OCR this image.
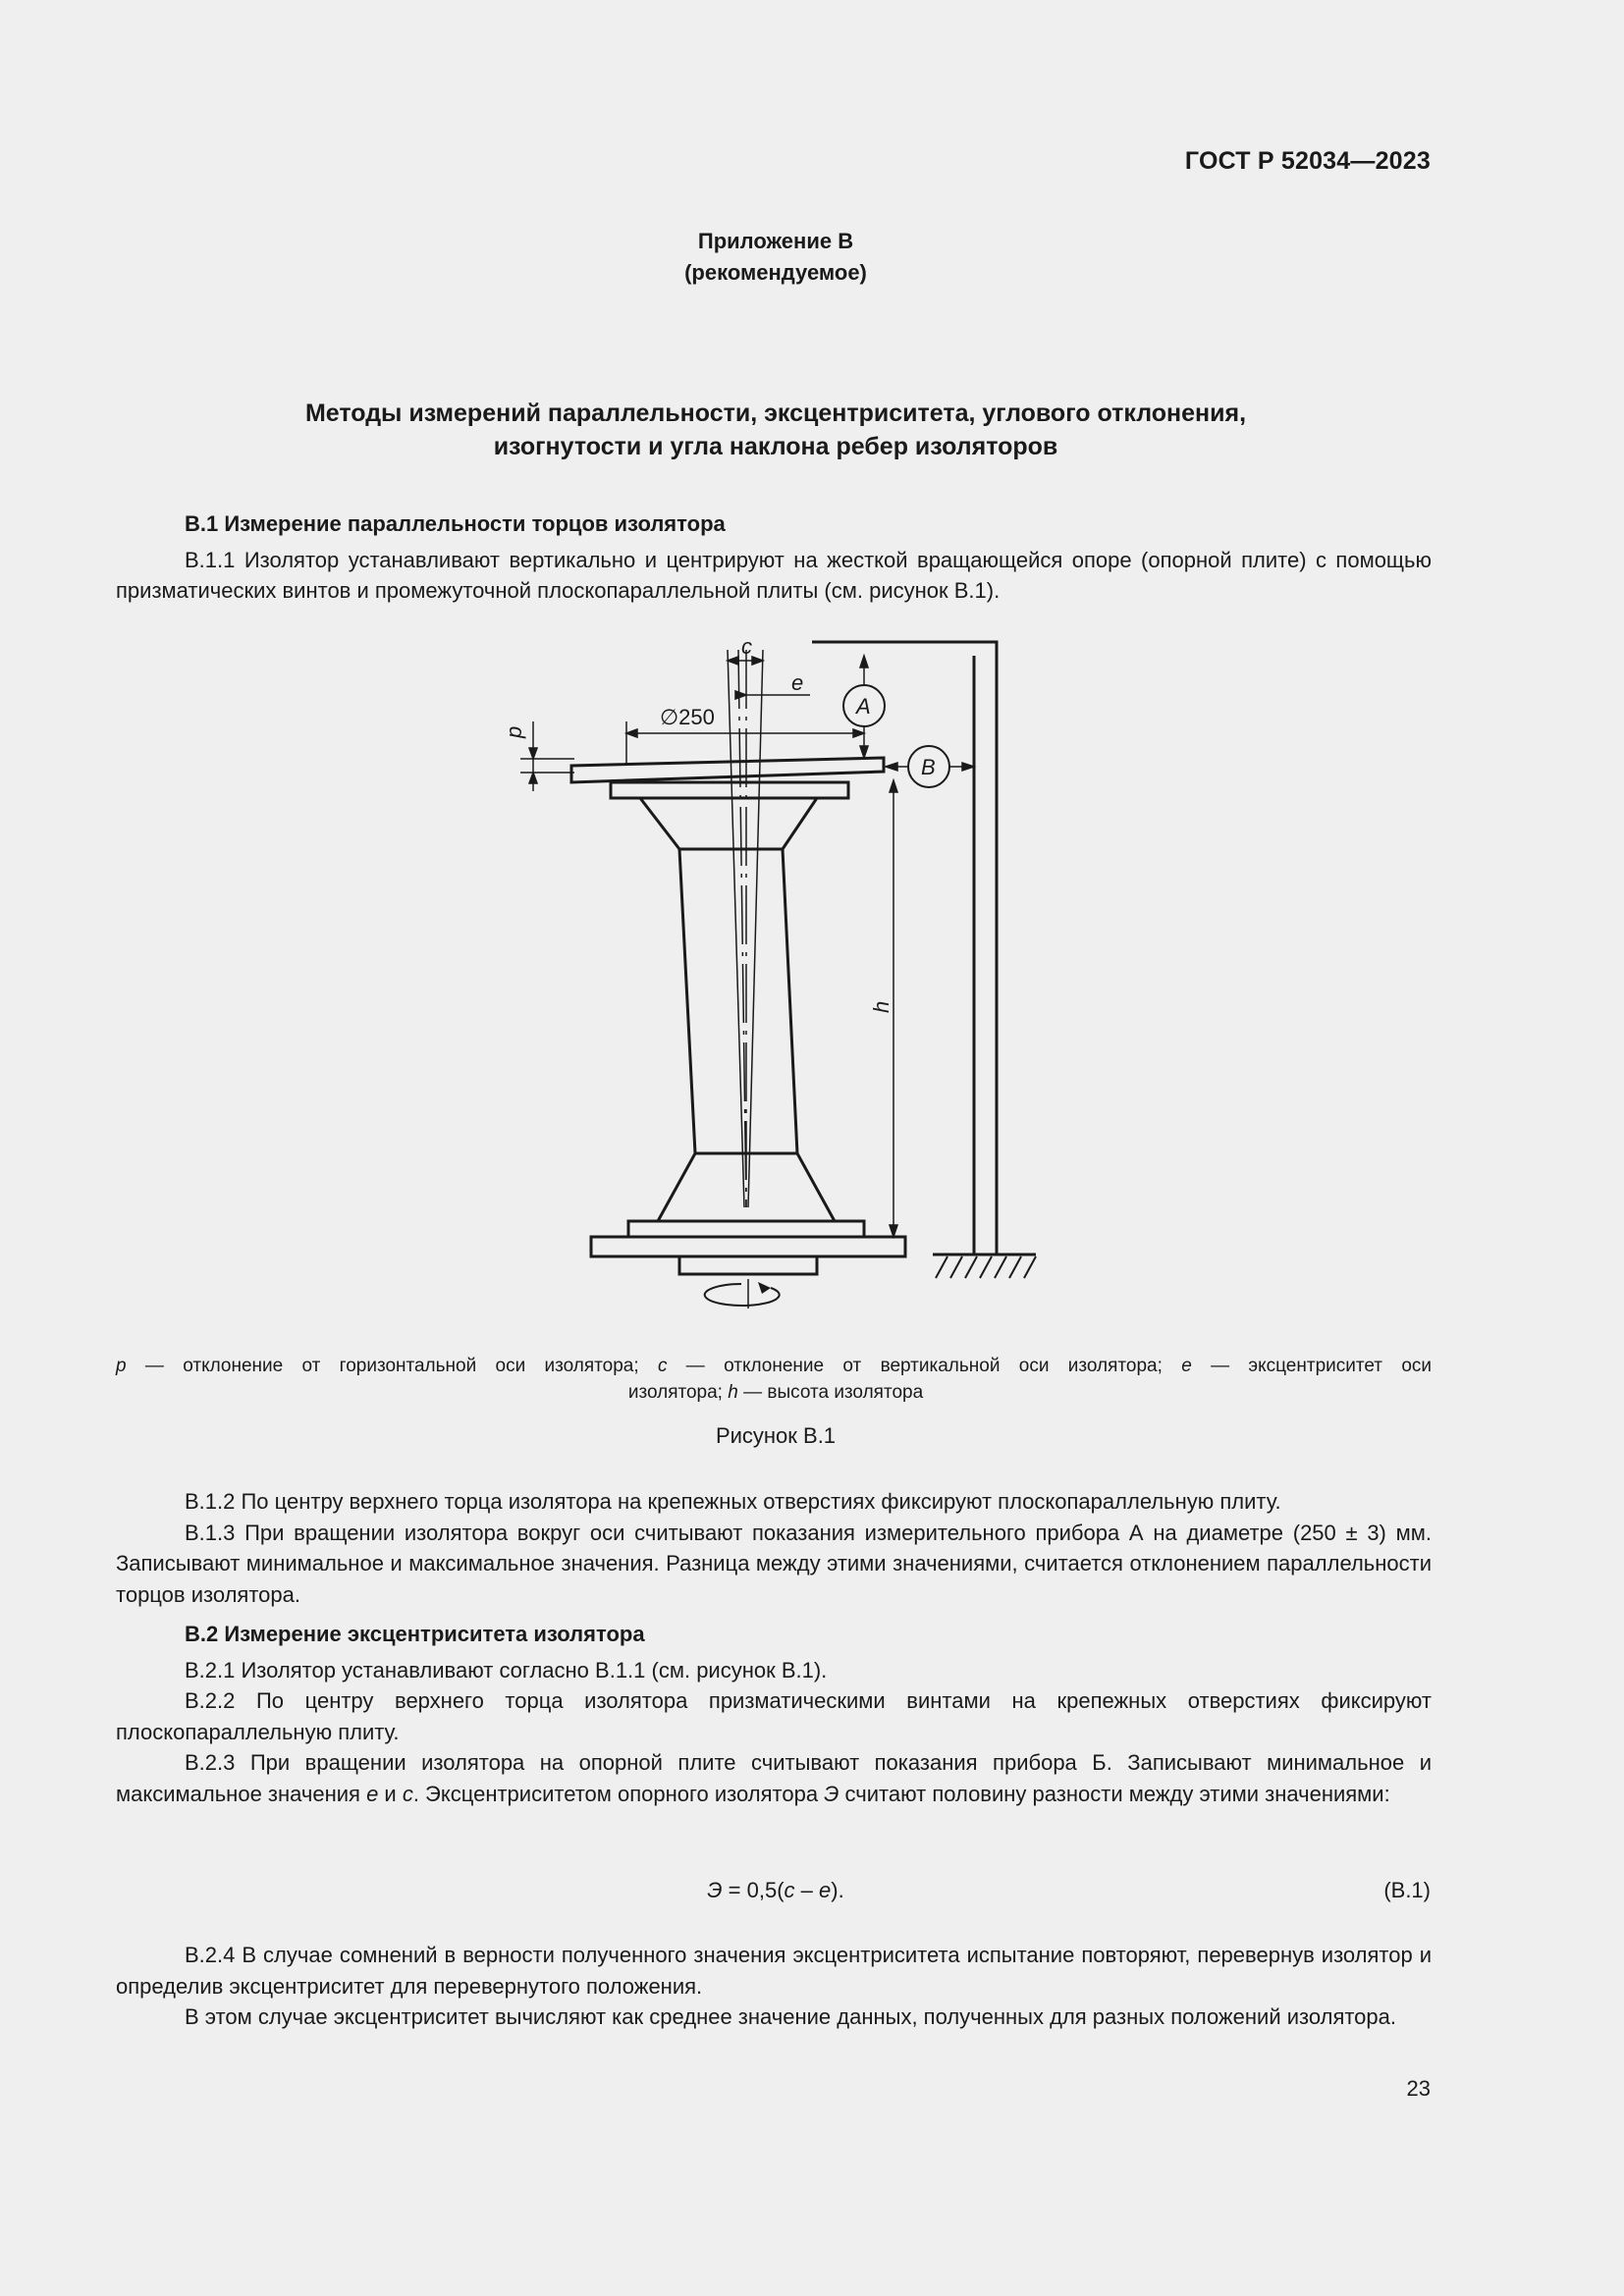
ГОСТ Р 52034—2023
Приложение В
(рекомендуемое)
Методы измерений параллельности, эксцентриситета, углового отклонения,
изогнутости и угла наклона ребер изоляторов

В.1 Измерение параллельности торцов изолятора

В.1.1 Изолятор устанавливают вертикально и центрируют на жесткой вращающейся опоре (опорной плите) с помощью призматических винтов и промежуточной плоскопараллельной плиты (см. рисунок В.1).

c
e
∅250	A
B
p
h
p — отклонение от горизонтальной оси изолятора; c — отклонение от вертикальной оси изолятора; e — эксцентриситет оси
изолятора; h — высота изолятора
Рисунок В.1

В.1.2 По центру верхнего торца изолятора на крепежных отверстиях фиксируют плоскопараллельную плиту.

В.1.3 При вращении изолятора вокруг оси считывают показания измерительного прибора А на диаметре (250 ± 3) мм. Записывают минимальное и максимальное значения. Разница между этими значениями, считается отклонением параллельности торцов изолятора.

В.2 Измерение эксцентриситета изолятора

В.2.1 Изолятор устанавливают согласно В.1.1 (см. рисунок В.1).

В.2.2 По центру верхнего торца изолятора призматическими винтами на крепежных отверстиях фиксируют плоскопараллельную плиту.

В.2.3 При вращении изолятора на опорной плите считывают показания прибора Б. Записывают минимальное и максимальное значения e и c. Эксцентриситетом опорного изолятора Э считают половину разности между этими значениями:

Э = 0,5(c – e).	(В.1)

В.2.4 В случае сомнений в верности полученного значения эксцентриситета испытание повторяют, перевернув изолятор и определив эксцентриситет для перевернутого положения.

В этом случае эксцентриситет вычисляют как среднее значение данных, полученных для разных положений изолятора.

23
